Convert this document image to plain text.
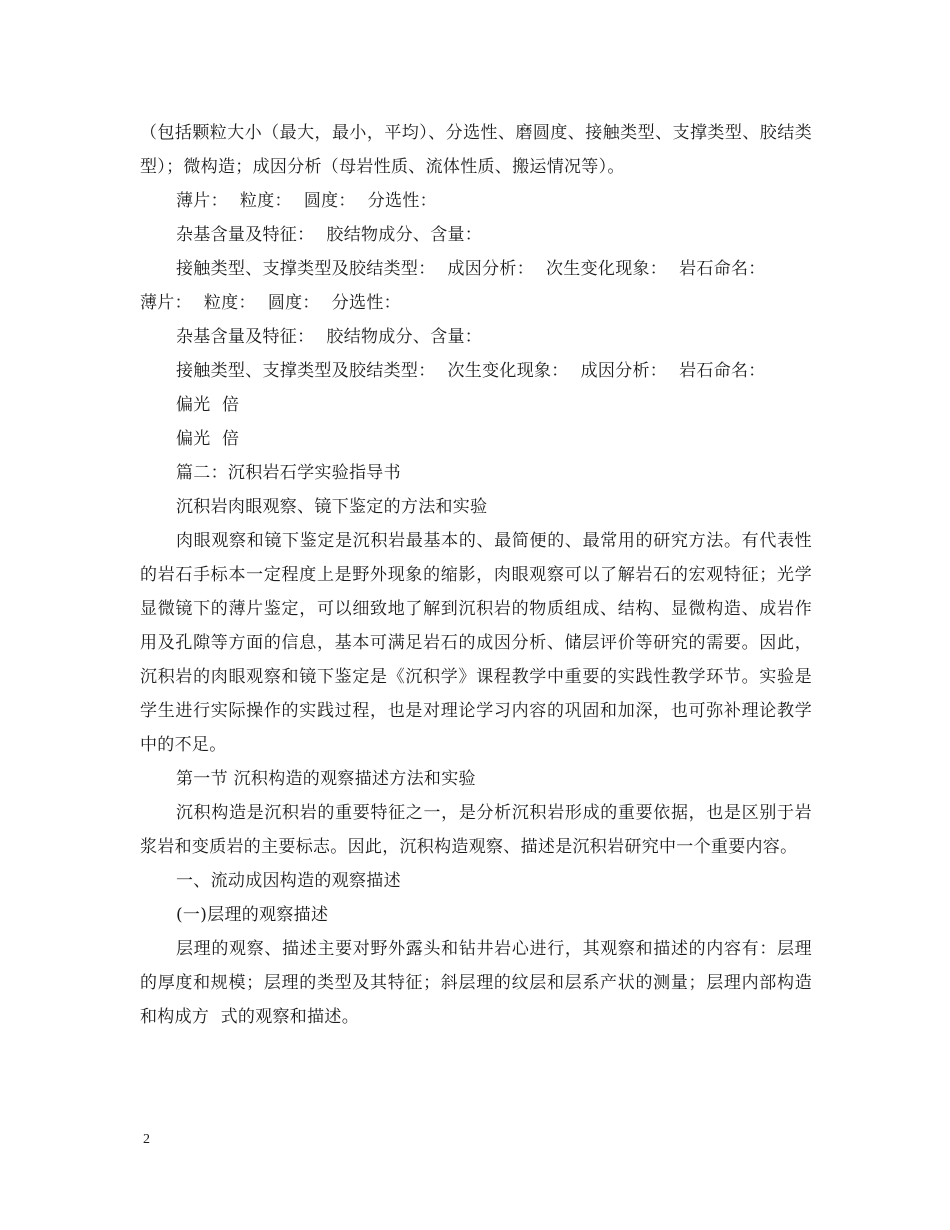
（包括颗粒大小（最大，最小，平均）、分选性、磨圆度、接触类型、支撑类型、胶结类型）；微构造；成因分析（母岩性质、流体性质、搬运情况等）。

薄片： 粒度： 圆度： 分选性：

杂基含量及特征： 胶结物成分、含量：

接触类型、支撑类型及胶结类型： 成因分析： 次生变化现象： 岩石命名：

薄片： 粒度： 圆度： 分选性：

杂基含量及特征： 胶结物成分、含量：

接触类型、支撑类型及胶结类型： 次生变化现象： 成因分析： 岩石命名：

偏光  倍

偏光  倍

篇二：沉积岩石学实验指导书

沉积岩肉眼观察、镜下鉴定的方法和实验

肉眼观察和镜下鉴定是沉积岩最基本的、最简便的、最常用的研究方法。有代表性的岩石手标本一定程度上是野外现象的缩影，肉眼观察可以了解岩石的宏观特征；光学显微镜下的薄片鉴定，可以细致地了解到沉积岩的物质组成、结构、显微构造、成岩作用及孔隙等方面的信息，基本可满足岩石的成因分析、储层评价等研究的需要。因此，沉积岩的肉眼观察和镜下鉴定是《沉积学》课程教学中重要的实践性教学环节。实验是学生进行实际操作的实践过程，也是对理论学习内容的巩固和加深，也可弥补理论教学中的不足。

第一节 沉积构造的观察描述方法和实验

沉积构造是沉积岩的重要特征之一，是分析沉积岩形成的重要依据，也是区别于岩浆岩和变质岩的主要标志。因此，沉积构造观察、描述是沉积岩研究中一个重要内容。

一、流动成因构造的观察描述

(一)层理的观察描述

层理的观察、描述主要对野外露头和钻井岩心进行，其观察和描述的内容有：层理的厚度和规模；层理的类型及其特征；斜层理的纹层和层系产状的测量；层理内部构造和构成方  式的观察和描述。

2
